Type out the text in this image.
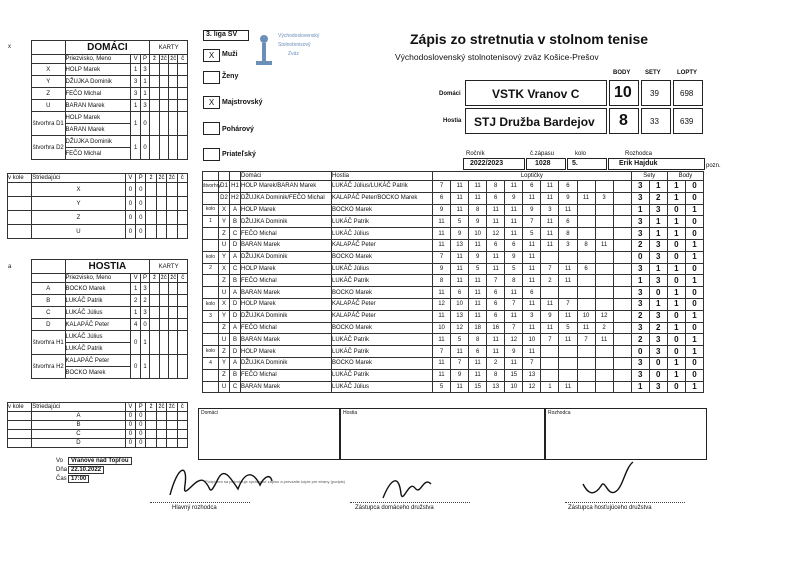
3. liga SV	Východoslovenský
Stolnotenisový
Zväz
Zápis zo stretnutia v stolnom tenise
Východoslovenský stolnotenisový zväz Košice-Prešov
X	Muži
Ženy
X	Majstrovský
Pohárový
Priateľský
BODY SETY	LOPTY
Domáci	VSTK Vranov C 10 39	698
Hostia STJ Družba Bardejov 8	33	639
Ročník	č.zápasu	kolo	Rozhodca
2022/2023	1028	5.	Erik Hajduk	pozn.
x
		DOMÁCI			KARTY			
	Priezvisko, Meno	V	P	ž	žč	žč	č
X	HOLP Marek	1	3				
Y	DŽUJKA Dominik	3	1				
Z	FEČO Michal	3	1				
U	BARAN Marek	1	3				
štvorhra D1	HOLP Marek	1	0				
	BARAN Marek						
štvorhra D2	DŽUJKA Dominik	1	0				
	FEČO Michal						
v kole	Striedajúci	V	P	ž	žč	žč	č
	X	0	0				
	Y	0	0				
	Z	0	0				
	U	0	0				
a
		HOSTIA			KARTY			
	Priezvisko, Meno	V	P	ž	žč	žč	č
A	BOCKO Marek	1	3				
B	LUKÁČ Patrik	2	2				
C	LUKÁČ Július	1	3				
D	KALAPÁČ Peter	4	0				
štvorhra H1	LUKÁČ Július	0	1				
	LUKÁČ Patrik						
štvorhra H2	KALAPÁČ Peter	0	1				
	BOCKO Marek						
v kole	Striedajúci	V	P	ž	žč	žč	č
	A	0	0				
	B	0	0				
	C	0	0				
	D	0	0				
			Domáci	Hostia	Loptičky											Sety		Body	
štvorhry	D1	H1	HOLP Marek/BARAN Marek	LUKÁČ Július/LUKÁČ Patrik	7	11	11	8	11	6	11	6				3	1	1	0
	D2	H2	DŽUJKA Dominik/FEČO Michal	KALAPÁČ Peter/BOCKO Marek	6	11	11	6	9	11	11	9	11	3		3	2	1	0
kolo	X	A	HOLP Marek	BOCKO Marek	9	11	8	11	11	9	3	11				1	3	0	1
1	Y	B	DŽUJKA Dominik	LUKÁČ Patrik	11	5	9	11	11	7	11	6				3	1	1	0
	Z	C	FEČO Michal	LUKÁČ Július	11	9	10	12	11	5	11	8				3	1	1	0
	U	D	BARAN Marek	KALAPÁČ Peter	11	13	11	6	6	11	11	3	8	11		2	3	0	1
kolo	Y	A	DŽUJKA Dominik	BOCKO Marek	7	11	9	11	9	11						0	3	0	1
2	X	C	HOLP Marek	LUKÁČ Július	9	11	5	11	5	11	7	11	6			3	1	1	0
	Z	B	FEČO Michal	LUKÁČ Patrik	8	11	11	7	8	11	2	11				1	3	0	1
	U	A	BARAN Marek	BOCKO Marek	11	6	11	6	11	6						3	0	1	0
kolo	X	D	HOLP Marek	KALAPÁČ Peter	12	10	11	6	7	11	11	7				3	1	1	0
3	Y	D	DŽUJKA Dominik	KALAPÁČ Peter	11	13	11	6	11	3	9	11	10	12		2	3	0	1
	Z	A	FEČO Michal	BOCKO Marek	10	12	18	16	7	11	11	5	11	2		3	2	1	0
	U	B	BARAN Marek	LUKÁČ Patrik	11	5	8	11	12	10	7	11	7	11		2	3	0	1
kolo	Z	D	HOLP Marek	LUKÁČ Patrik	7	11	6	11	9	11						0	3	0	1
4	Y	A	DŽUJKA Dominik	BOCKO Marek	11	7	11	2	11	7						3	0	1	0
	Z	B	FEČO Michal	LUKÁČ Patrik	11	9	11	8	15	13						3	0	1	0
	U	C	BARAN Marek	LUKÁČ Július	5	11	15	13	10	12	1	11				1	3	0	1
Domáci	Hostia	Rozhodca
Vo Vranove nad Topľou
Dňa 22.10.2022
Čas 17:00	Podpisom sa potvrdzuje správnosť zápisu a prevzatie kópie pre strany (podpis)
Hlavný rozhodca	Zástupca domáceho družstva	Zástupca hosťujúceho družstva
